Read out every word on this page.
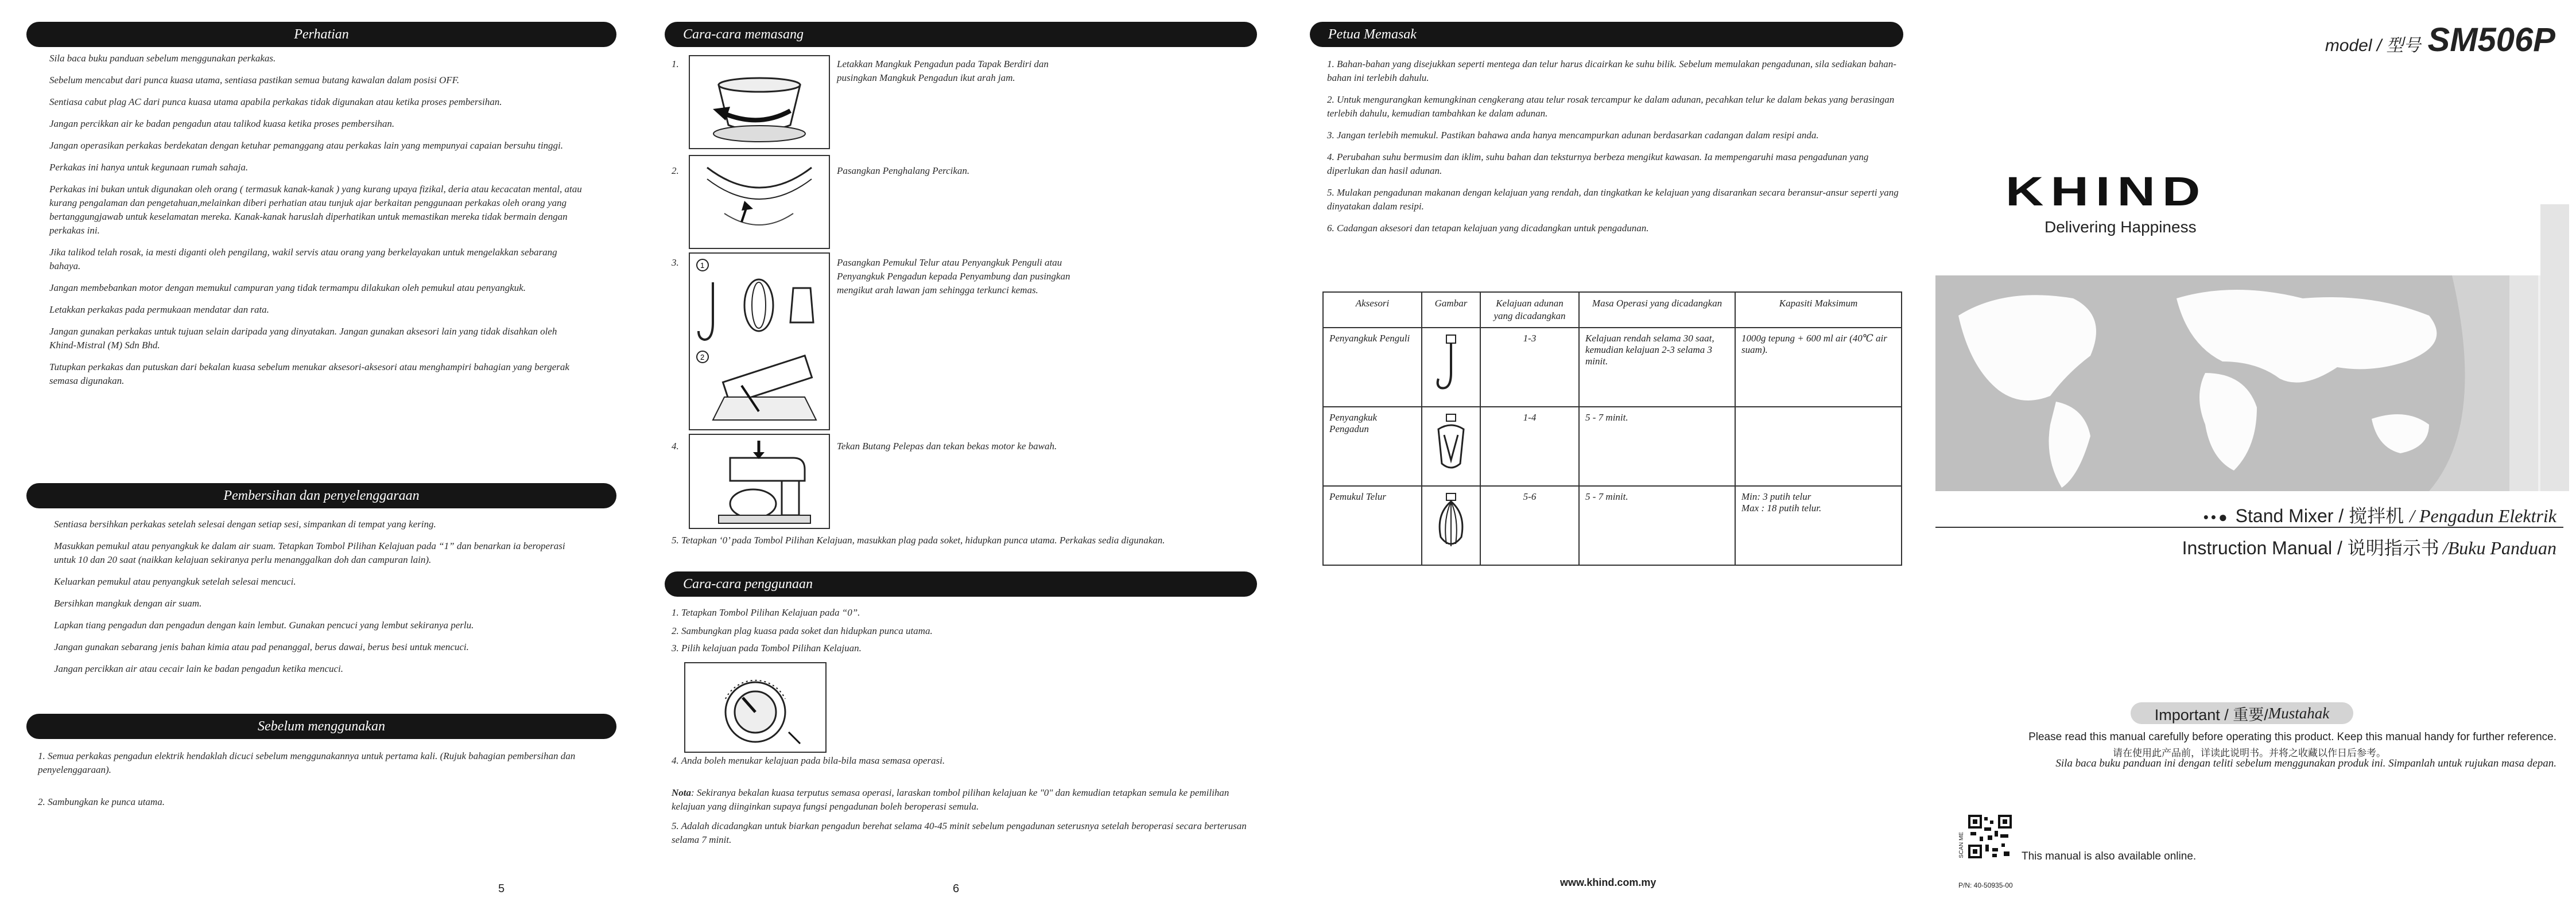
Perhatian
Sila baca buku panduan sebelum menggunakan perkakas.
Sebelum mencabut dari punca kuasa utama, sentiasa pastikan semua butang kawalan dalam posisi OFF.
Sentiasa cabut plag AC dari punca kuasa utama apabila perkakas tidak digunakan atau ketika proses pembersihan.
Jangan percikkan air ke badan pengadun atau talikod kuasa ketika proses pembersihan.
Jangan operasikan perkakas berdekatan dengan ketuhar pemanggang atau perkakas lain yang mempunyai capaian bersuhu tinggi.
Perkakas ini hanya untuk kegunaan rumah sahaja.
Perkakas ini bukan untuk digunakan oleh orang ( termasuk kanak-kanak ) yang kurang upaya fizikal, deria atau kecacatan mental, atau kurang pengalaman dan pengetahuan,melainkan diberi perhatian atau tunjuk ajar berkaitan penggunaan perkakas oleh orang yang bertanggungjawab untuk keselamatan mereka. Kanak-kanak haruslah diperhatikan untuk memastikan mereka tidak bermain dengan perkakas ini.
Jika talikod telah rosak, ia mesti diganti oleh pengilang, wakil servis atau orang yang berkelayakan untuk mengelakkan sebarang bahaya.
Jangan membebankan motor dengan memukul campuran yang tidak termampu dilakukan oleh pemukul atau penyangkuk.
Letakkan perkakas pada permukaan mendatar dan rata.
Jangan gunakan perkakas untuk tujuan selain daripada yang dinyatakan. Jangan gunakan aksesori lain yang tidak disahkan oleh Khind-Mistral (M) Sdn Bhd.
Tutupkan perkakas dan putuskan dari bekalan kuasa sebelum menukar aksesori-aksesori atau menghampiri bahagian yang bergerak semasa digunakan.
Pembersihan dan penyelenggaraan
Sentiasa bersihkan perkakas setelah selesai dengan setiap sesi, simpankan di tempat yang kering.
Masukkan pemukul atau penyangkuk ke dalam air suam. Tetapkan Tombol Pilihan Kelajuan pada “1” dan benarkan ia beroperasi untuk 10 dan 20 saat (naikkan kelajuan sekiranya perlu menanggalkan doh dan campuran lain).
Keluarkan pemukul atau penyangkuk setelah selesai mencuci.
Bersihkan mangkuk dengan air suam.
Lapkan tiang pengadun dan pengadun dengan kain lembut. Gunakan pencuci yang lembut sekiranya perlu.
Jangan gunakan sebarang jenis bahan kimia atau pad penanggal, berus dawai, berus besi untuk mencuci.
Jangan percikkan air atau cecair lain ke badan pengadun ketika mencuci.
Sebelum menggunakan
1. Semua perkakas pengadun elektrik hendaklah dicuci sebelum menggunakannya untuk pertama kali. (Rujuk bahagian pembersihan dan penyelenggaraan).
2. Sambungkan ke punca utama.
5
Cara-cara memasang
1.	Letakkan Mangkuk Pengadun pada Tapak Berdiri dan pusingkan Mangkuk Pengadun ikut arah jam.
2.	Pasangkan Penghalang Percikan.
3.	1
2
Pasangkan Pemukul Telur atau Penyangkuk Penguli atau Penyangkuk Pengadun kepada Penyambung dan pusingkan mengikut arah lawan jam sehingga terkunci kemas.
4.	Tekan Butang Pelepas dan tekan bekas motor ke bawah.
5. Tetapkan ‘0’ pada Tombol Pilihan Kelajuan, masukkan plag pada soket, hidupkan punca utama. Perkakas sedia digunakan.
Cara-cara penggunaan
1. Tetapkan Tombol Pilihan Kelajuan pada “0”.
2. Sambungkan plag kuasa pada soket dan hidupkan punca utama.
3. Pilih kelajuan pada Tombol Pilihan Kelajuan.
4. Anda boleh menukar kelajuan pada bila-bila masa semasa operasi.
Nota: Sekiranya bekalan kuasa terputus semasa operasi, laraskan tombol pilihan kelajuan ke "0" dan kemudian tetapkan semula ke pemilihan kelajuan yang diinginkan supaya fungsi pengadunan boleh beroperasi semula.
5. Adalah dicadangkan untuk biarkan pengadun berehat selama 40-45 minit sebelum pengadunan seterusnya setelah beroperasi secara berterusan selama 7 minit.
6
Petua Memasak
1. Bahan-bahan yang disejukkan seperti mentega dan telur harus dicairkan ke suhu bilik. Sebelum memulakan pengadunan, sila sediakan bahan-bahan ini terlebih dahulu.
2. Untuk mengurangkan kemungkinan cengkerang atau telur rosak tercampur ke dalam adunan, pecahkan telur ke dalam bekas yang berasingan terlebih dahulu, kemudian tambahkan ke dalam adunan.
3. Jangan terlebih memukul. Pastikan bahawa anda hanya mencampurkan adunan berdasarkan cadangan dalam resipi anda.
4. Perubahan suhu bermusim dan iklim, suhu bahan dan teksturnya berbeza mengikut kawasan. Ia mempengaruhi masa pengadunan yang diperlukan dan hasil adunan.
5. Mulakan pengadunan makanan dengan kelajuan yang rendah, dan tingkatkan ke kelajuan yang disarankan secara beransur-ansur seperti yang dinyatakan dalam resipi.
6. Cadangan aksesori dan tetapan kelajuan yang dicadangkan untuk pengadunan.
Aksesori	Gambar	Kelajuan adunan yang dicadangkan	Masa Operasi yang dicadangkan	Kapasiti Maksimum
Penyangkuk Penguli		1-3	Kelajuan rendah selama 30 saat, kemudian kelajuan 2-3 selama 3 minit.	1000g tepung + 600 ml air (40℃ air suam).
Penyangkuk Pengadun		1-4	5 - 7 minit.	
Pemukul Telur		5-6	5 - 7 minit.	Min: 3 putih telur
Max : 18 putih telur.
www.khind.com.my
model / 型号 SM506P
KHIND
Delivering Happiness
••● Stand Mixer / 搅拌机 / Pengadun Elektrik
Instruction Manual / 说明指示书 /Buku Panduan
Important / 重要/ Mustahak
Please read this manual carefully before operating this product. Keep this manual handy for further reference.
请在使用此产品前，详读此说明书。并将之收藏以作日后参考。
Sila baca buku panduan ini dengan teliti sebelum menggunakan produk ini. Simpanlah untuk rujukan masa depan.
SCAN ME	This manual is also available online.
P/N: 40-50935-00
